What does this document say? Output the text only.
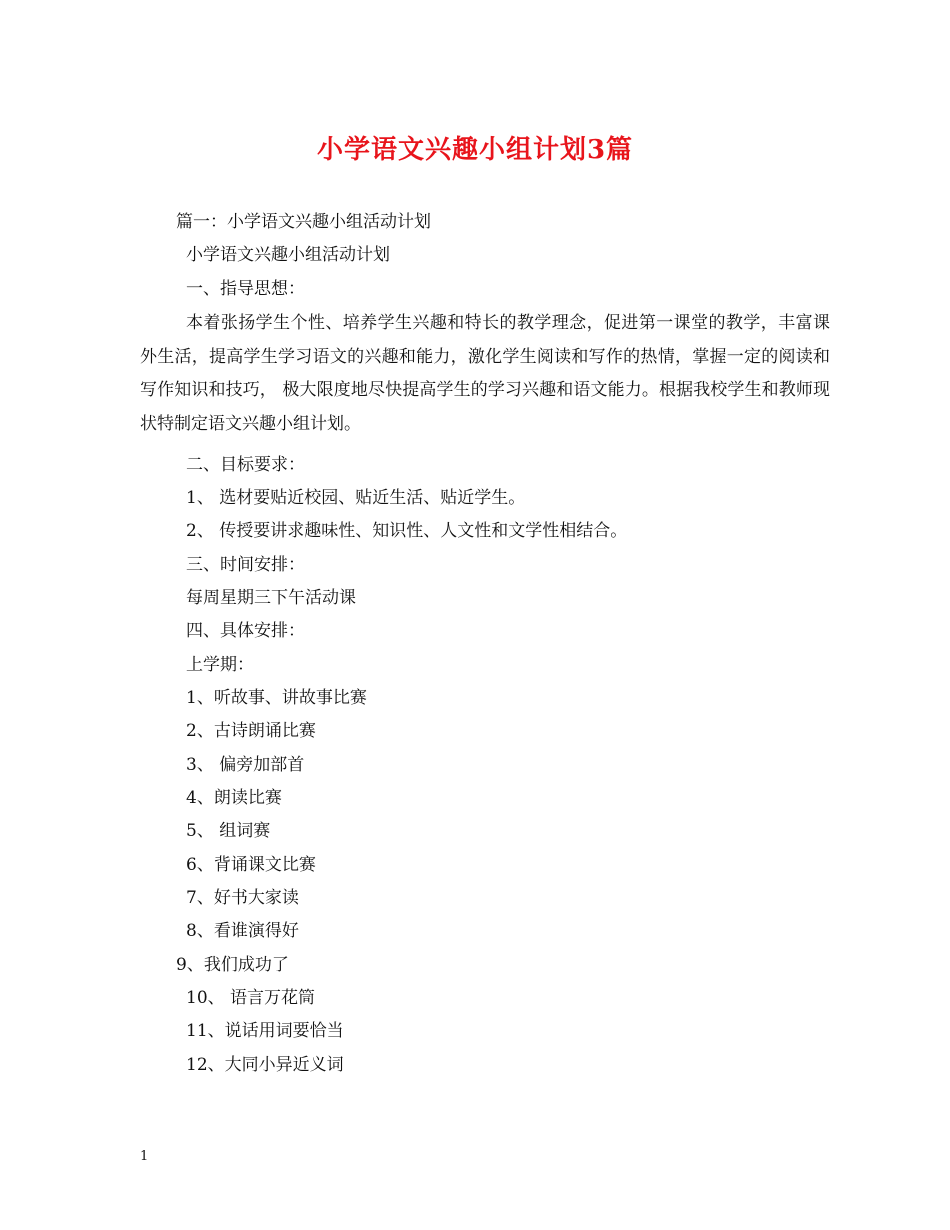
小学语文兴趣小组计划3篇

篇一：小学语文兴趣小组活动计划

小学语文兴趣小组活动计划

一、指导思想：

本着张扬学生个性、培养学生兴趣和特长的教学理念，促进第一课堂的教学，丰富课外生活，提高学生学习语文的兴趣和能力，激化学生阅读和写作的热情，掌握一定的阅读和写作知识和技巧， 极大限度地尽快提高学生的学习兴趣和语文能力。根据我校学生和教师现状特制定语文兴趣小组计划。

二、目标要求：

1、 选材要贴近校园、贴近生活、贴近学生。

2、 传授要讲求趣味性、知识性、人文性和文学性相结合。

三、时间安排：

每周星期三下午活动课

四、具体安排：

上学期：

1、听故事、讲故事比赛

2、古诗朗诵比赛

3、 偏旁加部首

4、朗读比赛

5、 组词赛

6、背诵课文比赛

7、好书大家读

8、看谁演得好

9、我们成功了

10、 语言万花筒

11、说话用词要恰当

12、大同小异近义词

1
